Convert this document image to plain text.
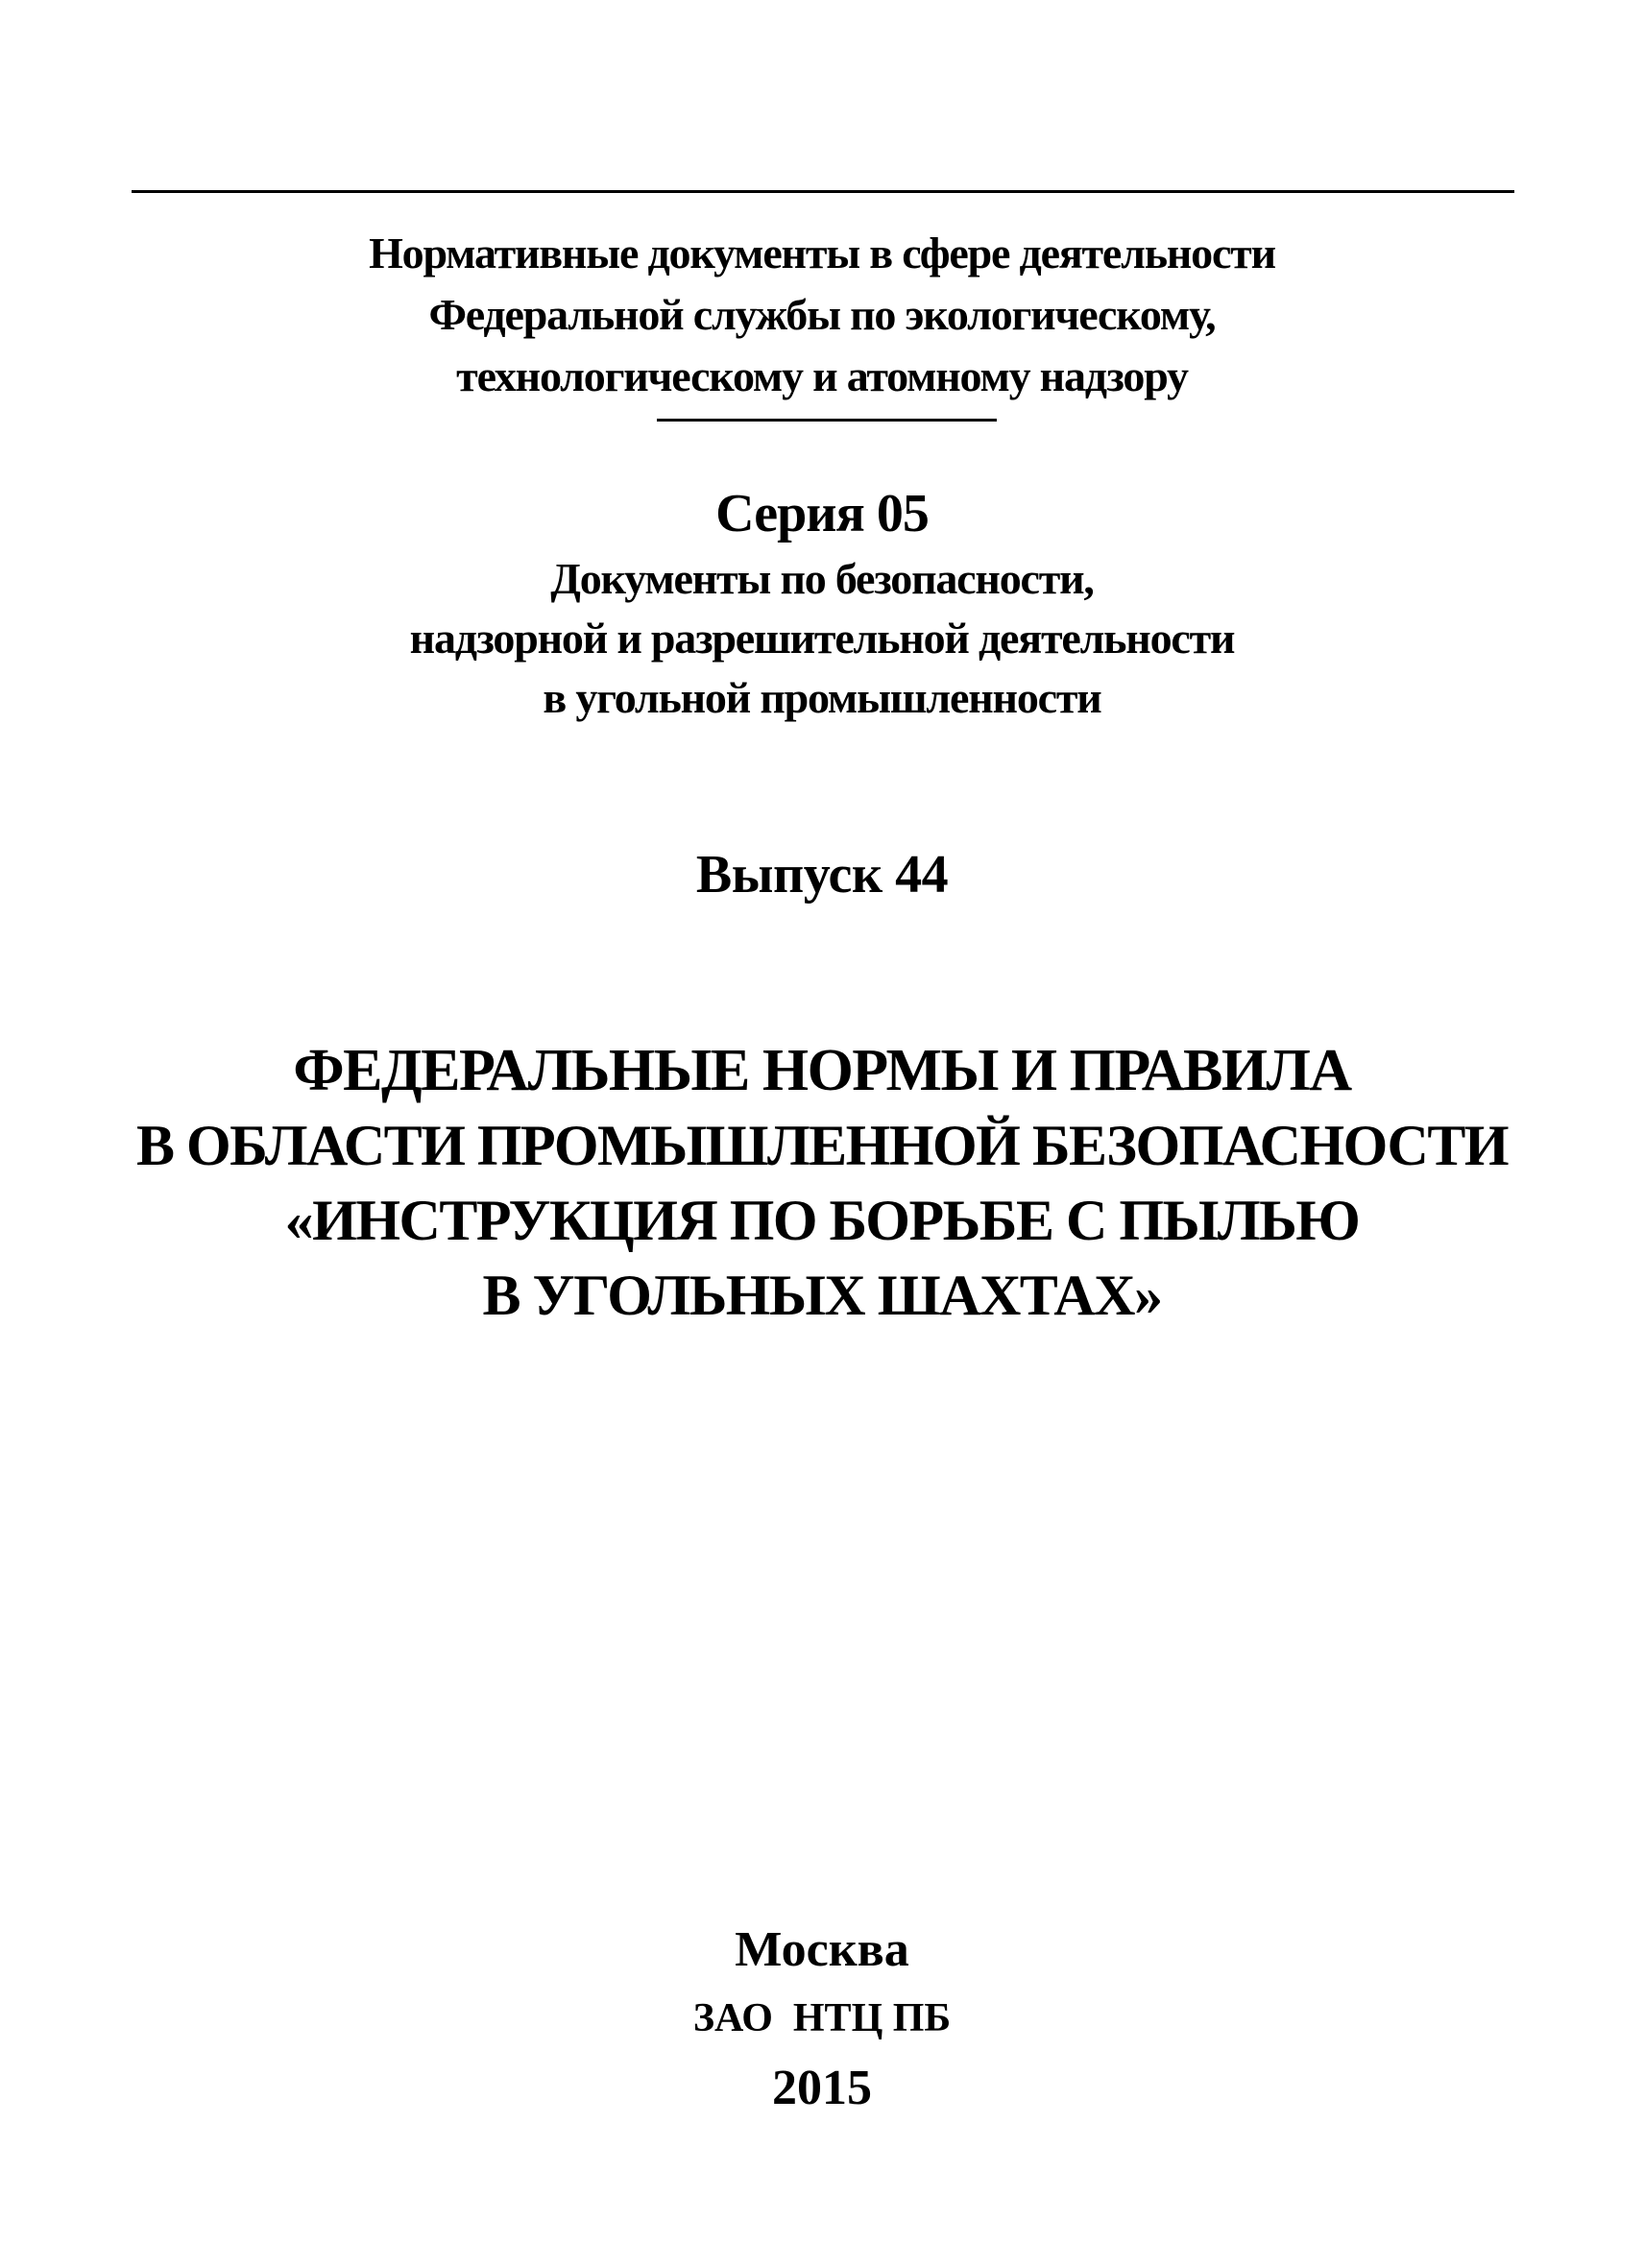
Нормативные документы в сфере деятельности
Федеральной службы по экологическому,
технологическому и атомному надзору
Серия 05
Документы по безопасности,
надзорной и разрешительной деятельности
в угольной промышленности
Выпуск 44
ФЕДЕРАЛЬНЫЕ НОРМЫ И ПРАВИЛА
В ОБЛАСТИ ПРОМЫШЛЕННОЙ БЕЗОПАСНОСТИ
«ИНСТРУКЦИЯ ПО БОРЬБЕ С ПЫЛЬЮ
В УГОЛЬНЫХ ШАХТАХ»
Москва
ЗАО  НТЦ ПБ
2015
